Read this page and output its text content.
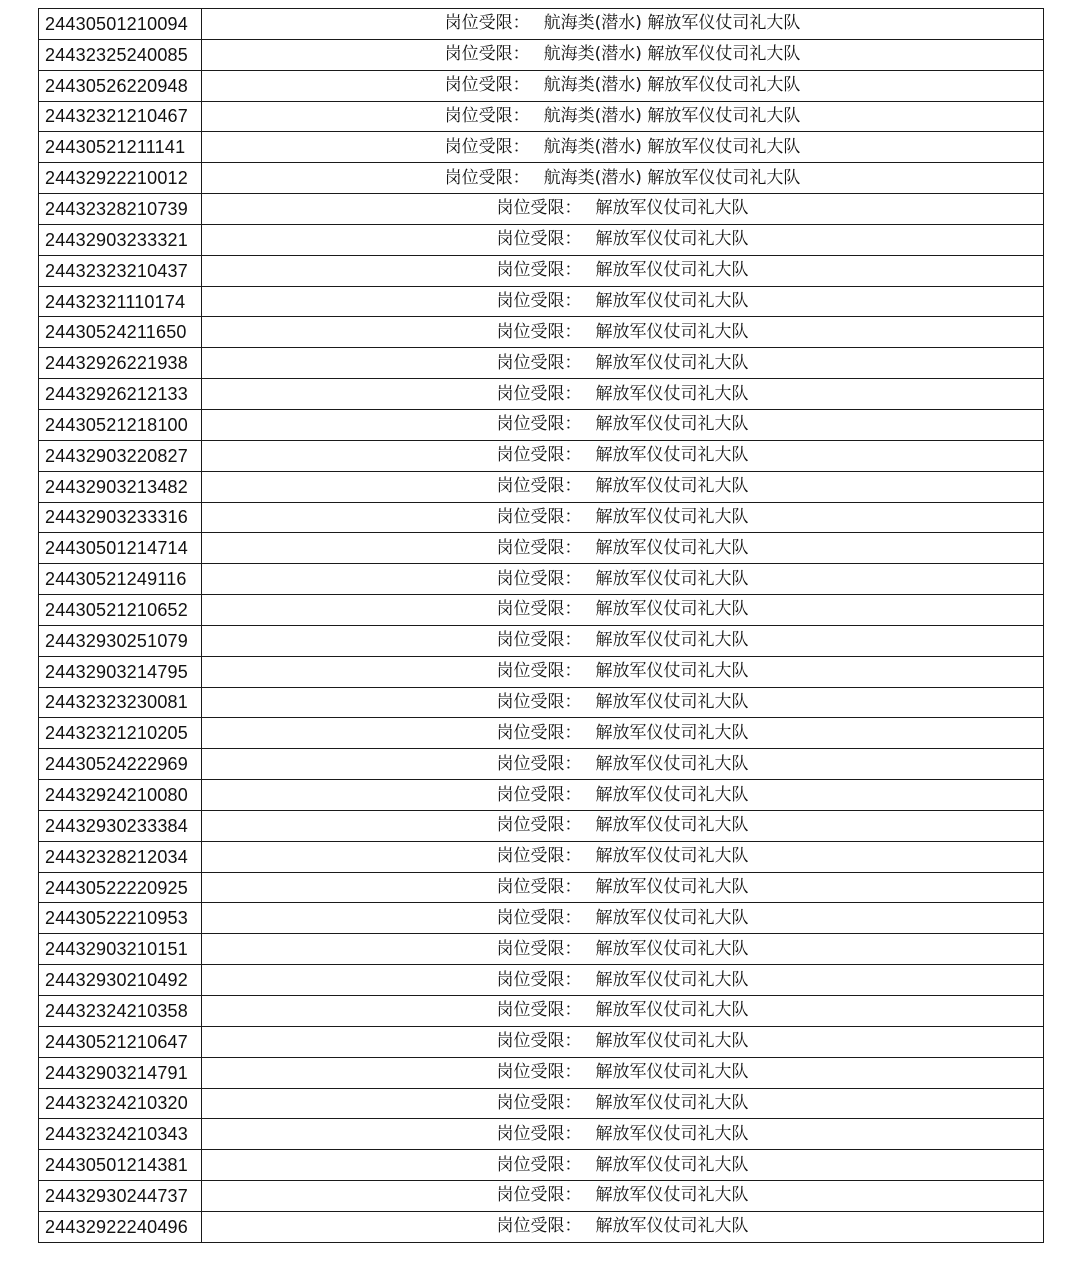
24430501210094	岗位受限： 航海类(潜水) 解放军仪仗司礼大队
24432325240085	岗位受限： 航海类(潜水) 解放军仪仗司礼大队
24430526220948	岗位受限： 航海类(潜水) 解放军仪仗司礼大队
24432321210467	岗位受限： 航海类(潜水) 解放军仪仗司礼大队
24430521211141	岗位受限： 航海类(潜水) 解放军仪仗司礼大队
24432922210012	岗位受限： 航海类(潜水) 解放军仪仗司礼大队
24432328210739	岗位受限： 解放军仪仗司礼大队
24432903233321	岗位受限： 解放军仪仗司礼大队
24432323210437	岗位受限： 解放军仪仗司礼大队
24432321110174	岗位受限： 解放军仪仗司礼大队
24430524211650	岗位受限： 解放军仪仗司礼大队
24432926221938	岗位受限： 解放军仪仗司礼大队
24432926212133	岗位受限： 解放军仪仗司礼大队
24430521218100	岗位受限： 解放军仪仗司礼大队
24432903220827	岗位受限： 解放军仪仗司礼大队
24432903213482	岗位受限： 解放军仪仗司礼大队
24432903233316	岗位受限： 解放军仪仗司礼大队
24430501214714	岗位受限： 解放军仪仗司礼大队
24430521249116	岗位受限： 解放军仪仗司礼大队
24430521210652	岗位受限： 解放军仪仗司礼大队
24432930251079	岗位受限： 解放军仪仗司礼大队
24432903214795	岗位受限： 解放军仪仗司礼大队
24432323230081	岗位受限： 解放军仪仗司礼大队
24432321210205	岗位受限： 解放军仪仗司礼大队
24430524222969	岗位受限： 解放军仪仗司礼大队
24432924210080	岗位受限： 解放军仪仗司礼大队
24432930233384	岗位受限： 解放军仪仗司礼大队
24432328212034	岗位受限： 解放军仪仗司礼大队
24430522220925	岗位受限： 解放军仪仗司礼大队
24430522210953	岗位受限： 解放军仪仗司礼大队
24432903210151	岗位受限： 解放军仪仗司礼大队
24432930210492	岗位受限： 解放军仪仗司礼大队
24432324210358	岗位受限： 解放军仪仗司礼大队
24430521210647	岗位受限： 解放军仪仗司礼大队
24432903214791	岗位受限： 解放军仪仗司礼大队
24432324210320	岗位受限： 解放军仪仗司礼大队
24432324210343	岗位受限： 解放军仪仗司礼大队
24430501214381	岗位受限： 解放军仪仗司礼大队
24432930244737	岗位受限： 解放军仪仗司礼大队
24432922240496	岗位受限： 解放军仪仗司礼大队
